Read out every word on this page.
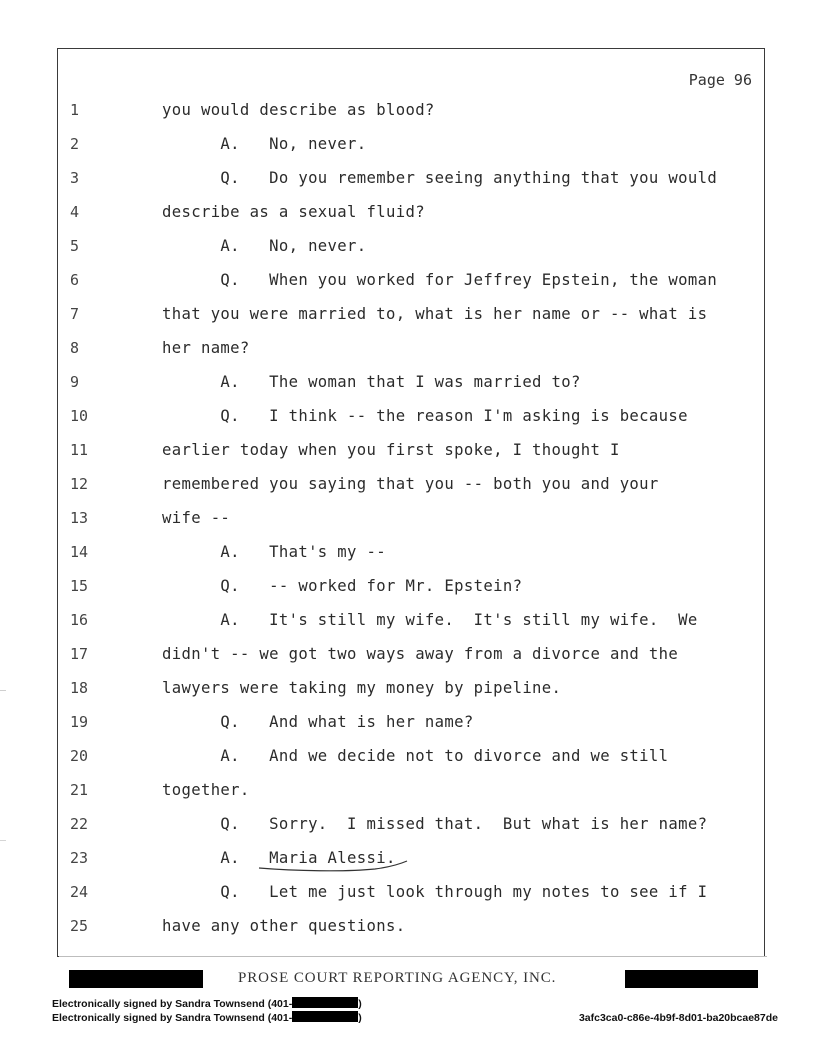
Page 96
1	you would describe as blood?
2	A.   No, never.
3	Q.   Do you remember seeing anything that you would
4	describe as a sexual fluid?
5	A.   No, never.
6	Q.   When you worked for Jeffrey Epstein, the woman
7	that you were married to, what is her name or -- what is
8	her name?
9	A.   The woman that I was married to?
10	Q.   I think -- the reason I'm asking is because
11	earlier today when you first spoke, I thought I
12	remembered you saying that you -- both you and your
13	wife --
14	A.   That's my --
15	Q.   -- worked for Mr. Epstein?
16	A.   It's still my wife.  It's still my wife.  We
17	didn't -- we got two ways away from a divorce and the
18	lawyers were taking my money by pipeline.
19	Q.   And what is her name?
20	A.   And we decide not to divorce and we still
21	together.
22	Q.   Sorry.  I missed that.  But what is her name?
23	A.   Maria Alessi.
24	Q.   Let me just look through my notes to see if I
25	have any other questions.
PROSE COURT REPORTING AGENCY, INC.
Electronically signed by Sandra Townsend (401-	)
Electronically signed by Sandra Townsend (401-	)	3afc3ca0-c86e-4b9f-8d01-ba20bcae87de
